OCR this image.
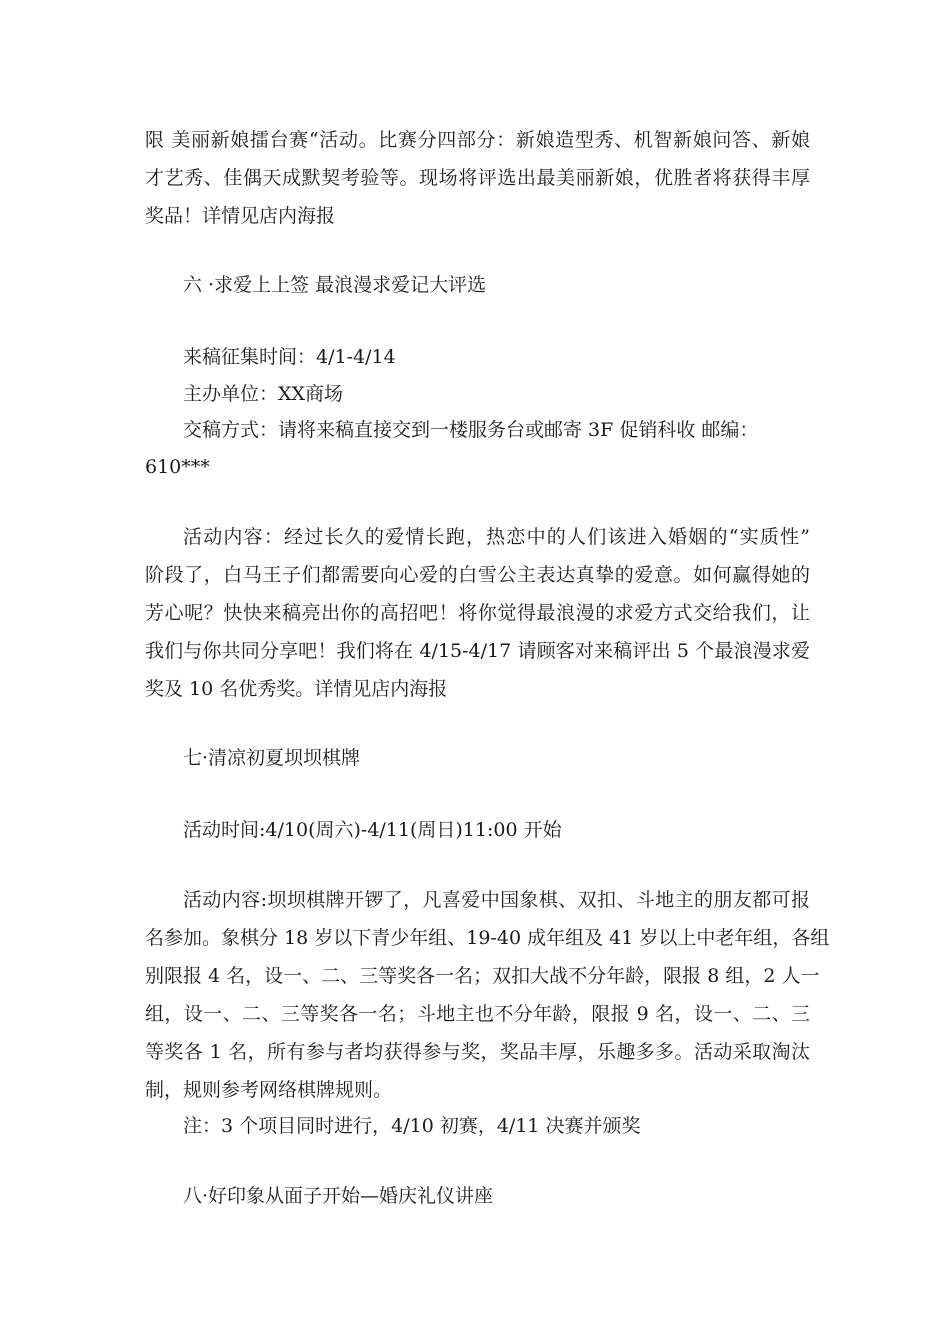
限 美丽新娘擂台赛“活动。比赛分四部分：新娘造型秀、机智新娘问答、新娘
才艺秀、佳偶天成默契考验等。现场将评选出最美丽新娘，优胜者将获得丰厚
奖品！详情见店内海报
六 ·求爱上上签 最浪漫求爱记大评选
来稿征集时间：4/1-4/14
主办单位：XX商场
交稿方式：请将来稿直接交到一楼服务台或邮寄 3F 促销科收 邮编：
610***
活动内容：经过长久的爱情长跑，热恋中的人们该进入婚姻的“实质性”
阶段了，白马王子们都需要向心爱的白雪公主表达真挚的爱意。如何赢得她的
芳心呢？快快来稿亮出你的高招吧！将你觉得最浪漫的求爱方式交给我们，让
我们与你共同分享吧！我们将在 4/15-4/17 请顾客对来稿评出 5 个最浪漫求爱
奖及 10 名优秀奖。详情见店内海报
七·清凉初夏坝坝棋牌
活动时间:4/10(周六)-4/11(周日)11:00 开始
活动内容:坝坝棋牌开锣了，凡喜爱中国象棋、双扣、斗地主的朋友都可报
名参加。象棋分 18 岁以下青少年组、19-40 成年组及 41 岁以上中老年组，各组
别限报 4 名，设一、二、三等奖各一名；双扣大战不分年龄，限报 8 组，2 人一
组，设一、二、三等奖各一名；斗地主也不分年龄，限报 9 名，设一、二、三
等奖各 1 名，所有参与者均获得参与奖，奖品丰厚，乐趣多多。活动采取淘汰
制，规则参考网络棋牌规则。
注：3 个项目同时进行，4/10 初赛，4/11 决赛并颁奖
八·好印象从面子开始—婚庆礼仪讲座
